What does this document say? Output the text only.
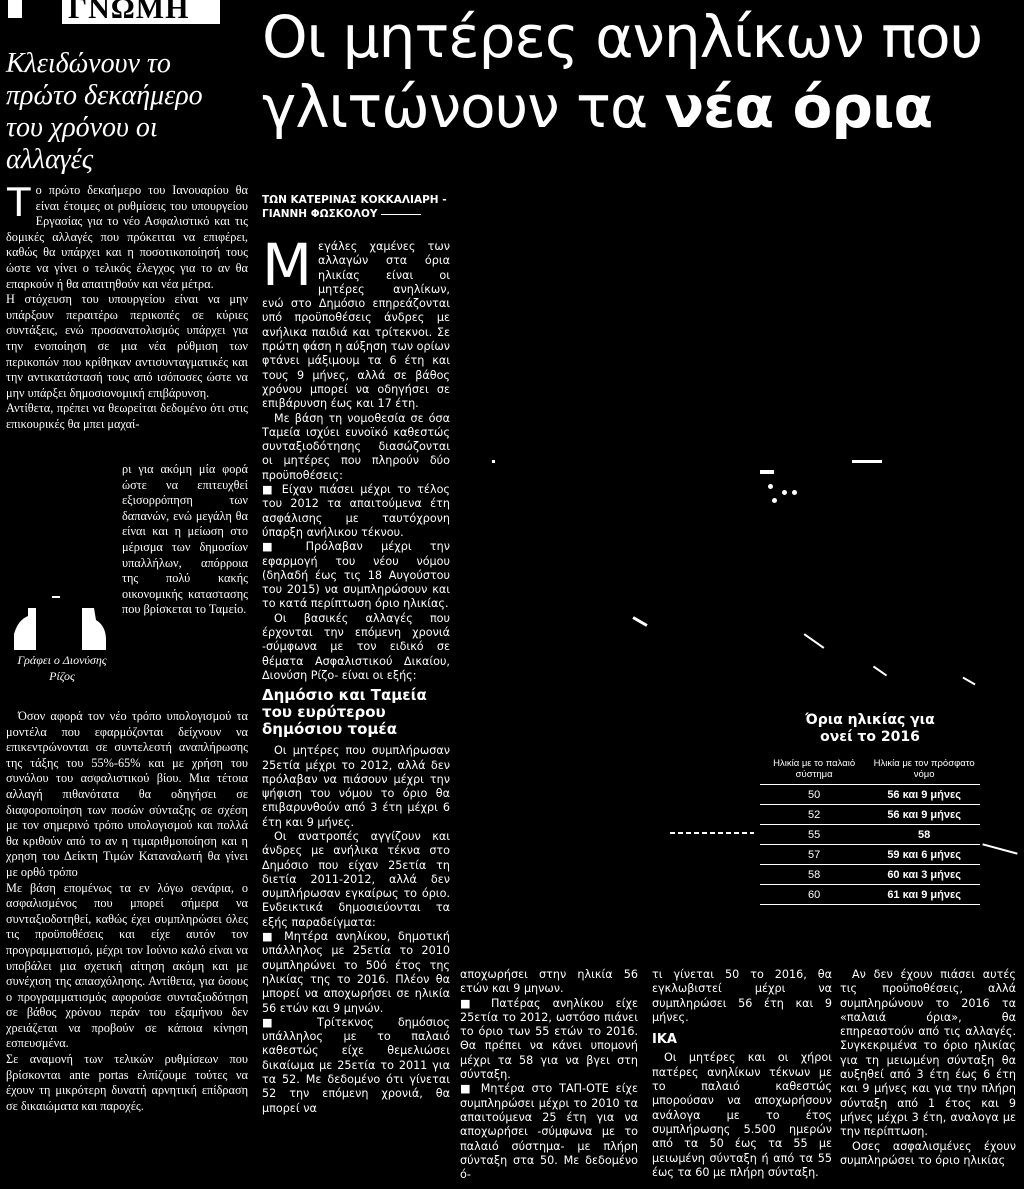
ΓΝΩΜΗ
Κλειδώνουν το πρώτο δεκαήμερο του χρόνου οι αλλαγές

Το πρώτο δεκαήμερο του Ιανουαρίου θα είναι έτοιμες οι ρυθμίσεις του υπουργείου Εργασίας για το νέο Ασφαλιστικό και τις δομικές αλλαγές που πρόκειται να επιφέρει, καθώς θα υπάρχει και η ποσοτικοποίησή τους ώστε να γίνει ο τελικός έλεγχος για το αν θα επαρκούν ή θα απαιτηθούν και νέα μέτρα.

Η στόχευση του υπουργείου είναι να μην υπάρξουν περαιτέρω περικοπές σε κύριες συντάξεις, ενώ προσανατολισμός υπάρχει για την ενοποίηση σε μια νέα ρύθμιση των περικοπών που κρίθηκαν αντισυνταγματικές και την αντικατάστασή τους από ισόποσες ώστε να μην υπάρξει δημοσιονομική επιβάρυνση.

Αντίθετα, πρέπει να θεωρείται δεδομένο ότι στις επικουρικές θα μπει μαχαί-

ρι για ακόμη μία φορά ώστε να επιτευχθεί εξισορρόπηση των δαπανών, ενώ μεγάλη θα είναι και η μείωση στο μέρισμα των δημοσίων υπαλλήλων, απόρροια της πολύ κακής οικονομικής καταστασης που βρίσκεται το Ταμείο.

Γράφει ο Διονύσης Ρίζος

Όσον αφορά τον νέο τρόπο υπολογισμού τα μοντέλα που εφαρμόζονται δείχνουν να επικεντρώνονται σε συντελεστή αναπλήρωσης της τάξης του 55%-65% και με χρήση του συνόλου του ασφαλιστικού βίου. Μια τέτοια αλλαγή πιθανότατα θα οδηγήσει σε διαφοροποίηση των ποσών σύνταξης σε σχέση με τον σημερινό τρόπο υπολογισμού και πολλά θα κριθούν από το αν η τιμαριθμοποίηση και η χρηση του Δείκτη Τιμών Καταναλωτή θα γίνει με ορθό τρόπο

Με βάση επομένως τα εν λόγω σενάρια, ο ασφαλισμένος που μπορεί σήμερα να συνταξιοδοτηθεί, καθώς έχει συμπληρώσει όλες τις προϋποθέσεις και είχε αυτόν τον προγραμματισμό, μέχρι τον Ιούνιο καλό είναι να υποβάλει μια σχετική αίτηση ακόμη και με συνέχιση της απασχόλησης. Αντίθετα, για όσους ο προγραμματισμός αφορούσε συνταξιοδότηση σε βάθος χρόνου περάν του εξαμήνου δεν χρειάζεται να προβούν σε κάποια κίνηση εσπευσμένα.

Σε αναμονή των τελικών ρυθμίσεων που βρίσκονται ante portas ελπίζουμε τούτες να έχουν τη μικρότερη δυνατή αρνητική επίδραση σε δικαιώματα και παροχές.

Οι μητέρες ανηλίκων που
γλιτώνουν τα νέα όρια
ΤΩΝ ΚΑΤΕΡΙΝΑΣ ΚΟΚΚΑΛΙΑΡΗ -
ΓΙΑΝΝΗ ΦΩΣΚΟΛΟΥ

Μεγάλες χαμένες των αλλαγών στα όρια ηλικίας είναι οι μητέρες ανηλίκων, ενώ στο Δημόσιο επηρεάζονται υπό προϋποθέσεις άνδρες με ανήλικα παιδιά και τρίτεκνοι. Σε πρώτη φάση η αύξηση των ορίων φτάνει μάξιμουμ τα 6 έτη και τους 9 μήνες, αλλά σε βάθος χρόνου μπορεί να οδηγήσει σε επιβάρυνση έως και 17 έτη.

Με βάση τη νομοθεσία σε όσα Ταμεία ισχύει ευνοϊκό καθεστώς συνταξιοδότησης διασώζονται οι μητέρες που πληρούν δύο προϋποθέσεις:

■ Είχαν πιάσει μέχρι το τέλος του 2012 τα απαιτούμενα έτη ασφάλισης με ταυτόχρονη ύπαρξη ανήλικου τέκνου.

■ Πρόλαβαν μέχρι την εφαρμογή του νέου νόμου (δηλαδή έως τις 18 Αυγούστου του 2015) να συμπληρώσουν και το κατά περίπτωση όριο ηλικίας.

Οι βασικές αλλαγές που έρχονται την επόμενη χρονιά -σύμφωνα με τον ειδικό σε θέματα Ασφαλιστικού Δικαίου, Διονύση Ρίζο- είναι οι εξής:

Δημόσιο και Ταμεία του ευρύτερου δημόσιου τομέα

Οι μητέρες που συμπλήρωσαν 25ετία μέχρι το 2012, αλλά δεν πρόλαβαν να πιάσουν μέχρι την ψήφιση του νόμου το όριο θα επιβαρυνθούν από 3 έτη μέχρι 6 έτη και 9 μήνες.

Οι ανατροπές αγγίζουν και άνδρες με ανήλικα τέκνα στο Δημόσιο που είχαν 25ετία τη διετία 2011-2012, αλλά δεν συμπλήρωσαν εγκαίρως το όριο. Ενδεικτικά δημοσιεύονται τα εξής παραδείγματα:

■ Μητέρα ανηλίκου, δημοτική υπάλληλος με 25ετία το 2010 συμπληρώνει το 50ό έτος της ηλικίας της το 2016. Πλέον θα μπορεί να αποχωρήσει σε ηλικία 56 ετών και 9 μηνών.

■ Τρίτεκνος δημόσιος υπάλληλος με το παλαιό καθεστώς είχε θεμελιώσει δικαίωμα με 25ετία το 2011 για τα 52. Με δεδομένο ότι γίνεται 52 την επόμενη χρονιά, θα μπορεί να

Όρια ηλικίας για
ονεί το 2016
Ηλικία με το παλαιό σύστημα	Ηλικία με τον πρόσφατο νόμο
50	56 και 9 μήνες
52	56 και 9 μήνες
55	58
57	59 και 6 μήνες
58	60 και 3 μήνες
60	61 και 9 μήνες

αποχωρήσει στην ηλικία 56 ετών και 9 μηνων.

■ Πατέρας ανηλίκου είχε 25ετία το 2012, ωστόσο πιάνει το όριο των 55 ετών το 2016. Θα πρέπει να κάνει υπομονή μέχρι τα 58 για να βγει στη σύνταξη.

■ Μητέρα στο ΤΑΠ-ΟΤΕ είχε συμπληρώσει μέχρι το 2010 τα απαιτούμενα 25 έτη για να αποχωρήσει -σύμφωνα με το παλαιό σύστημα- με πλήρη σύνταξη στα 50. Με δεδομένο ό-

τι γίνεται 50 το 2016, θα εγκλωβιστεί μέχρι να συμπληρώσει 56 έτη και 9 μήνες.

ΙΚΑ

Οι μητέρες και οι χήροι πατέρες ανηλίκων τέκνων με το παλαιό καθεστώς μπορούσαν να αποχωρήσουν ανάλογα με το έτος συμπλήρωσης 5.500 ημερών από τα 50 έως τα 55 με μειωμένη σύνταξη ή από τα 55 έως τα 60 με πλήρη σύνταξη.

Αν δεν έχουν πιάσει αυτές τις προϋποθέσεις, αλλά συμπληρώνουν το 2016 τα «παλαιά όρια», θα επηρεαστούν από τις αλλαγές. Συγκεκριμένα το όριο ηλικίας για τη μειωμένη σύνταξη θα αυξηθεί από 3 έτη έως 6 έτη και 9 μήνες και για την πλήρη σύνταξη από 1 έτος και 9 μήνες μέχρι 3 έτη, αναλογα με την περίπτωση.

Οσες ασφαλισμένες έχουν συμπληρώσει το όριο ηλικίας
